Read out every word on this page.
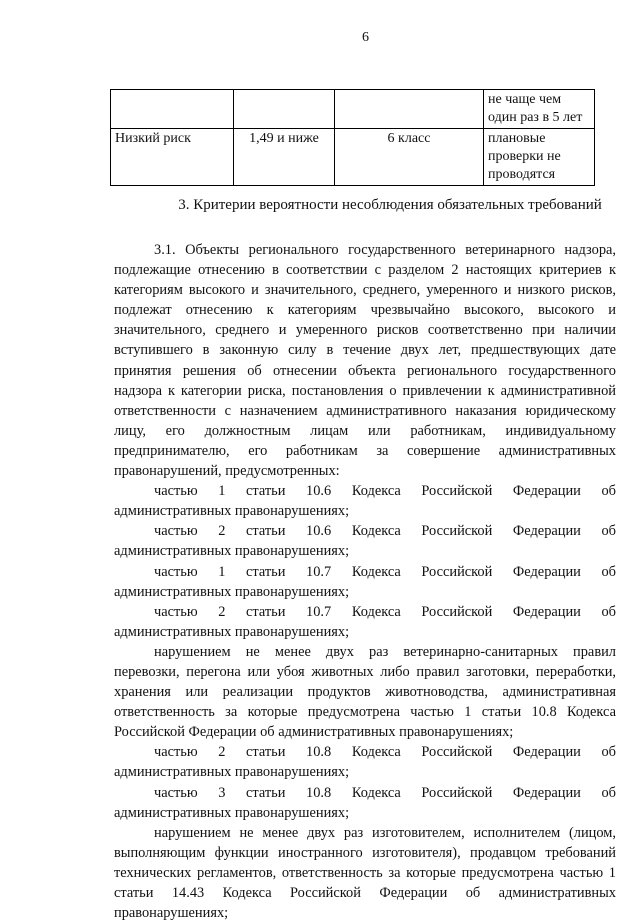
6
			не чаще чем один раз в 5 лет
Низкий риск	1,49 и ниже	6 класс	плановые проверки не проводятся
3. Критерии вероятности несоблюдения обязательных требований

3.1. Объекты регионального государственного ветеринарного надзора, подлежащие отнесению в соответствии с разделом 2 настоящих критериев к категориям высокого и значительного, среднего, умеренного и низкого рисков, подлежат отнесению к категориям чрезвычайно высокого, высокого и значительного, среднего и умеренного рисков соответственно при наличии вступившего в законную силу в течение двух лет, предшествующих дате принятия решения об отнесении объекта регионального государственного надзора к категории риска, постановления о привлечении к административной ответственности с назначением административного наказания юридическому лицу, его должностным лицам или работникам, индивидуальному предпринимателю, его работникам за совершение административных правонарушений, предусмотренных:

частью 1 статьи 10.6 Кодекса Российской Федерации об административных правонарушениях;

частью 2 статьи 10.6 Кодекса Российской Федерации об административных правонарушениях;

частью 1 статьи 10.7 Кодекса Российской Федерации об административных правонарушениях;

частью 2 статьи 10.7 Кодекса Российской Федерации об административных правонарушениях;

нарушением не менее двух раз ветеринарно-санитарных правил перевозки, перегона или убоя животных либо правил заготовки, переработки, хранения или реализации продуктов животноводства, административная ответственность за которые предусмотрена частью 1 статьи 10.8 Кодекса Российской Федерации об административных правонарушениях;

частью 2 статьи 10.8 Кодекса Российской Федерации об административных правонарушениях;

частью 3 статьи 10.8 Кодекса Российской Федерации об административных правонарушениях;

нарушением не менее двух раз изготовителем, исполнителем (лицом, выполняющим функции иностранного изготовителя), продавцом требований технических регламентов, ответственность за которые предусмотрена частью 1 статьи 14.43 Кодекса Российской Федерации об административных правонарушениях;
